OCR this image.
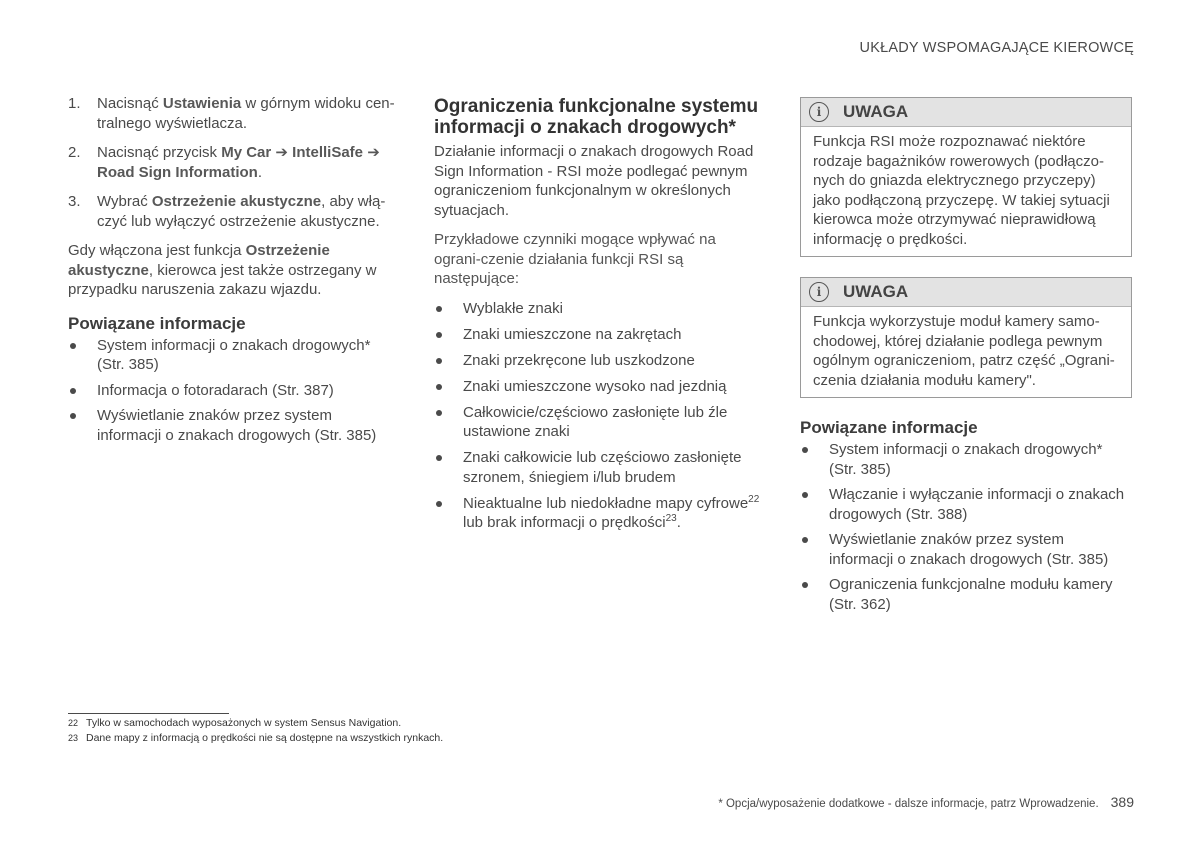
UKŁADY WSPOMAGAJĄCE KIEROWCĘ
1. Nacisnąć Ustawienia w górnym widoku cen-tralnego wyświetlacza.
2. Nacisnąć przycisk My Car ➔ IntelliSafe ➔
Road Sign Information.
3. Wybrać Ostrzeżenie akustyczne, aby włą-czyć lub wyłączyć ostrzeżenie akustyczne.

Gdy włączona jest funkcja Ostrzeżenie akustyczne, kierowca jest także ostrzegany w przypadku naruszenia zakazu wjazdu.

Powiązane informacje
System informacji o znakach drogowych* (Str. 385)
Informacja o fotoradarach (Str. 387)
Wyświetlanie znaków przez system informacji o znakach drogowych (Str. 385)
Ograniczenia funkcjonalne systemu informacji o znakach drogowych*

Działanie informacji o znakach drogowych Road Sign Information - RSI może podlegać pewnym ograniczeniom funkcjonalnym w określonych sytuacjach.

Przykładowe czynniki mogące wpływać na ograni-czenie działania funkcji RSI są następujące:

Wyblakłe znaki
Znaki umieszczone na zakrętach
Znaki przekręcone lub uszkodzone
Znaki umieszczone wysoko nad jezdnią
Całkowicie/częściowo zasłonięte lub źle ustawione znaki
Znaki całkowicie lub częściowo zasłonięte szronem, śniegiem i/lub brudem
Nieaktualne lub niedokładne mapy cyfrowe$^{22}$ lub brak informacji o prędkości$^{23}$.
i	UWAGA
Funkcja RSI może rozpoznawać niektóre rodzaje bagażników rowerowych (podłączo-nych do gniazda elektrycznego przyczepy) jako podłączoną przyczepę. W takiej sytuacji kierowca może otrzymywać nieprawidłową informację o prędkości.
i	UWAGA
Funkcja wykorzystuje moduł kamery samo-chodowej, której działanie podlega pewnym ogólnym ograniczeniom, patrz część „Ograni-czenia działania modułu kamery".
Powiązane informacje
System informacji o znakach drogowych* (Str. 385)
Włączanie i wyłączanie informacji o znakach drogowych (Str. 388)
Wyświetlanie znaków przez system informacji o znakach drogowych (Str. 385)
Ograniczenia funkcjonalne modułu kamery (Str. 362)
22 Tylko w samochodach wyposażonych w system Sensus Navigation.
23 Dane mapy z informacją o prędkości nie są dostępne na wszystkich rynkach.
* Opcja/wyposażenie dodatkowe - dalsze informacje, patrz Wprowadzenie. 389
